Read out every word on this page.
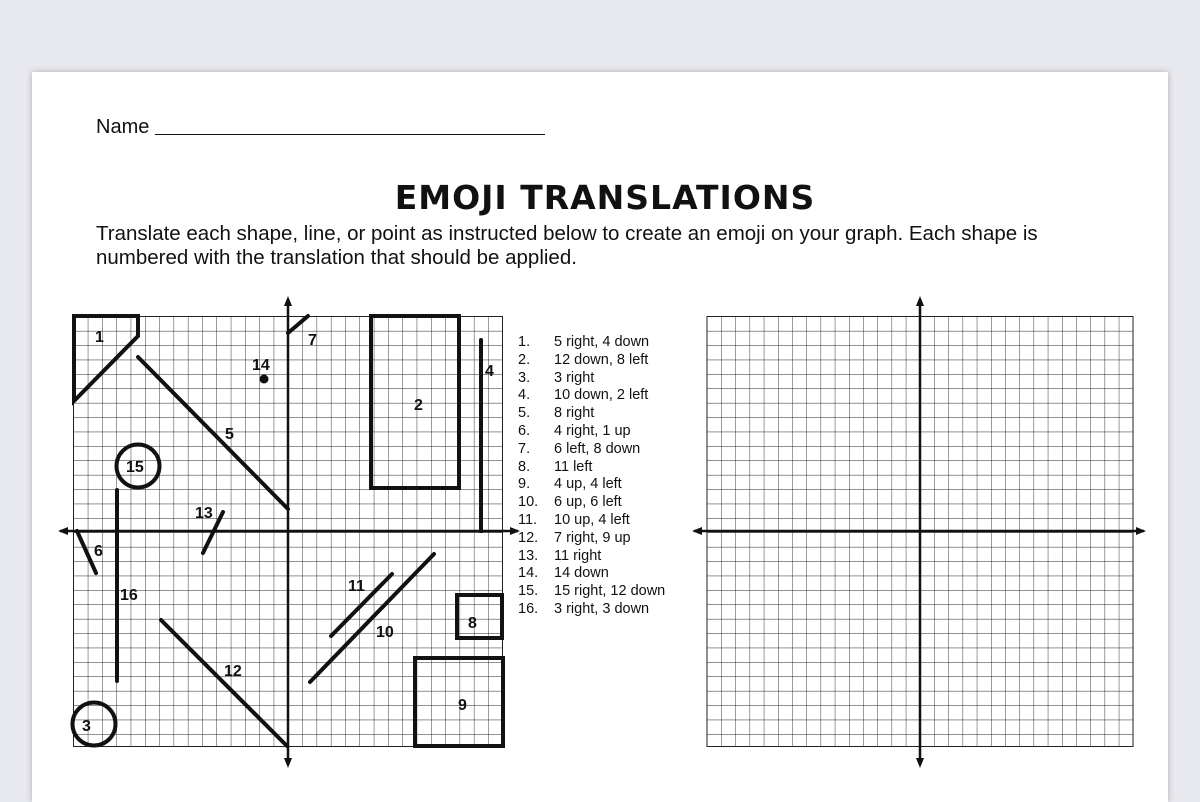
Name
EMOJI TRANSLATIONS
Translate each shape, line, or point as instructed below to create an emoji on your graph. Each shape is numbered with the translation that should be applied.
1
2
3
4
5
6
7
8
9
10
11
12
13
14
15
16
1. 5 right, 4 down
2. 12 down, 8 left
3. 3 right
4. 10 down, 2 left
5. 8 right
6. 4 right, 1 up
7. 6 left, 8 down
8. 11 left
9. 4 up, 4 left
10. 6 up, 6 left
11. 10 up, 4 left
12. 7 right, 9 up
13. 11 right
14. 14 down
15. 15 right, 12 down
16. 3 right, 3 down
